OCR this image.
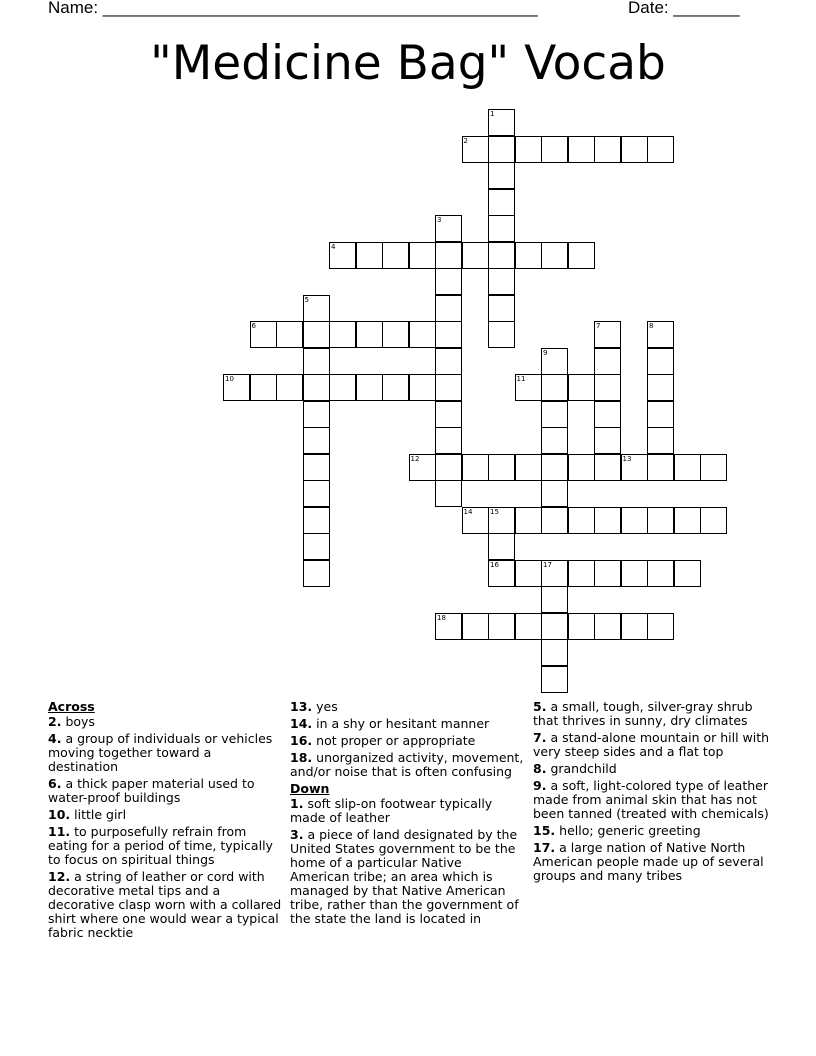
Name: ______________________________________________	Date: _______
"Medicine Bag" Vocab
1
2
3
4
5
6	7	8
9
10	11
12	13
14	15
16	17
18
Across
2. boys
4. a group of individuals or vehicles moving together toward a destination
6. a thick paper material used to water-proof buildings
10. little girl
11. to purposefully refrain from eating for a period of time, typically to focus on spiritual things
12. a string of leather or cord with decorative metal tips and a decorative clasp worn with a collared shirt where one would wear a typical fabric necktie
13. yes
14. in a shy or hesitant manner
16. not proper or appropriate
18. unorganized activity, movement, and/or noise that is often confusing
Down
1. soft slip-on footwear typically made of leather
3. a piece of land designated by the United States government to be the home of a particular Native American tribe; an area which is managed by that Native American tribe, rather than the government of the state the land is located in
5. a small, tough, silver-gray shrub that thrives in sunny, dry climates
7. a stand-alone mountain or hill with very steep sides and a flat top
8. grandchild
9. a soft, light-colored type of leather made from animal skin that has not been tanned (treated with chemicals)
15. hello; generic greeting
17. a large nation of Native North American people made up of several groups and many tribes
